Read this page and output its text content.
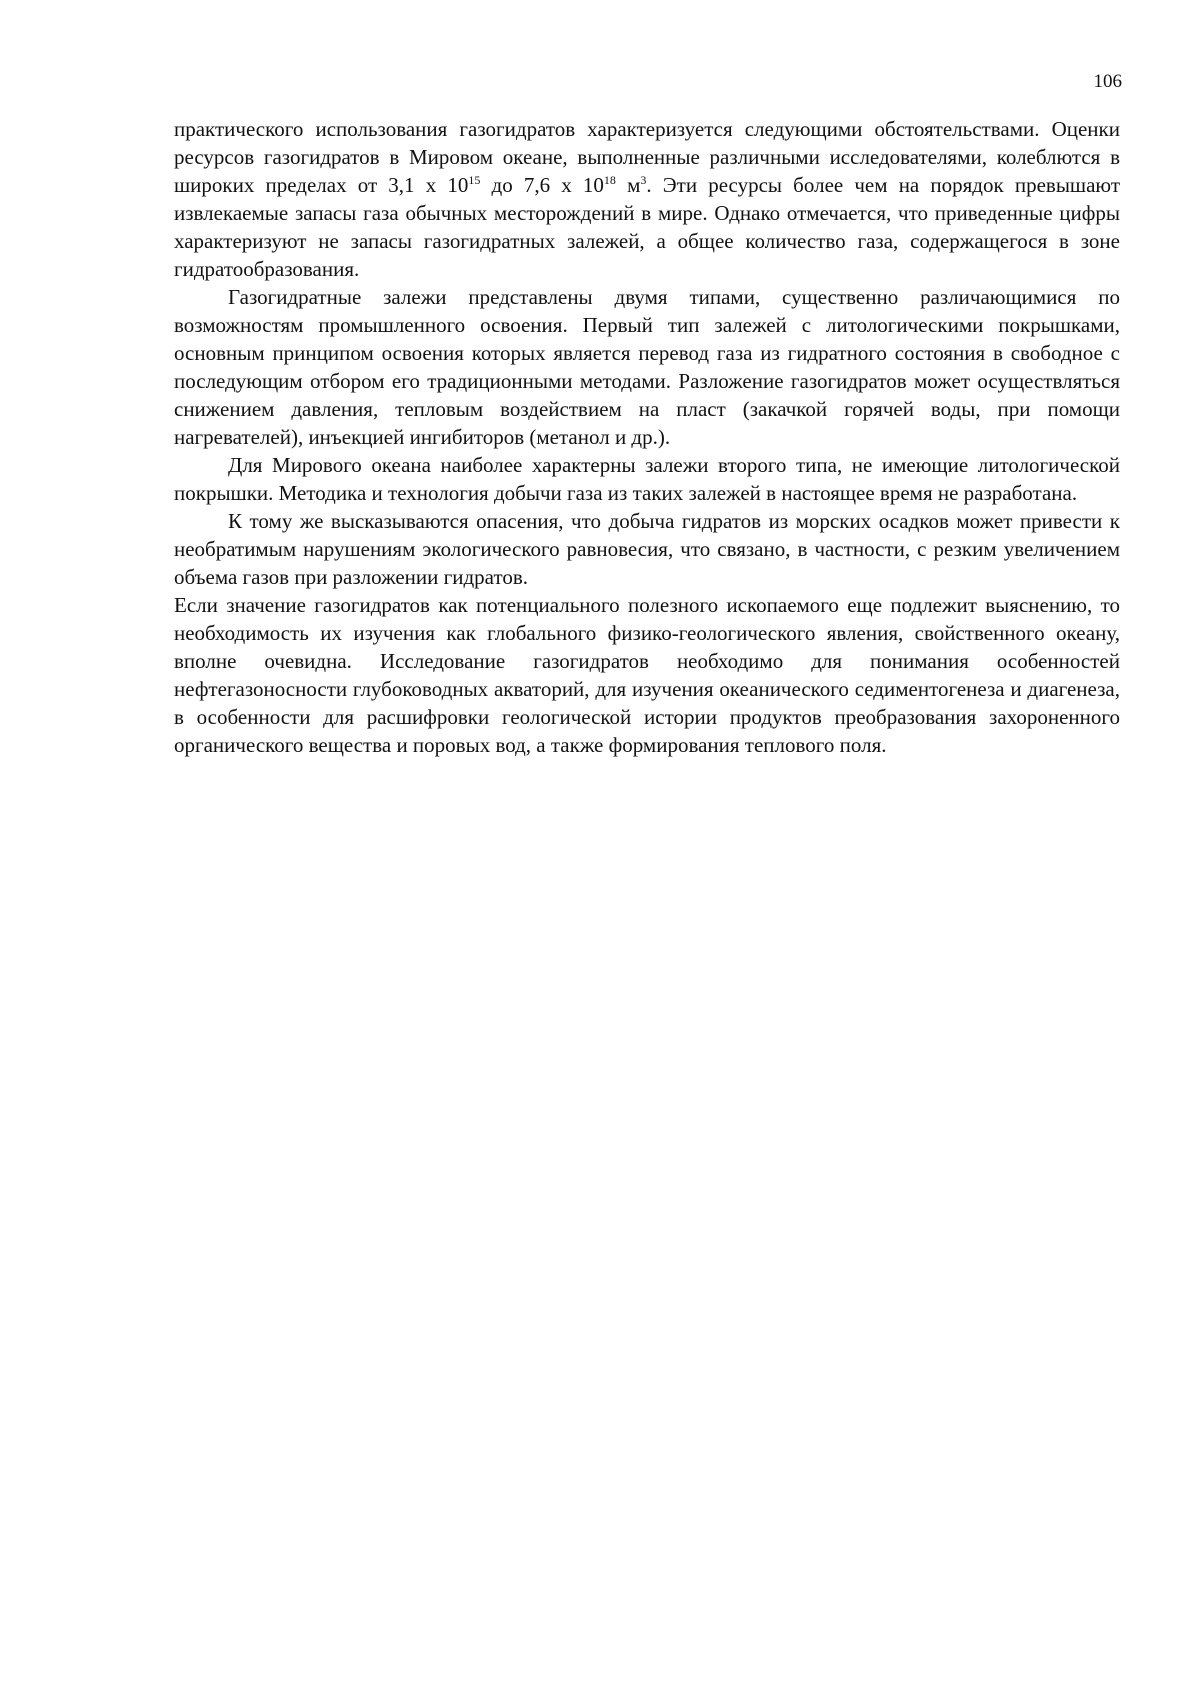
106

практического использования газогидратов характеризуется следующими обстоятельствами. Оценки ресурсов газогидратов в Мировом океане, выполненные различными исследователями, колеблются в широких пределах от 3,1 х $10^{15}$ до 7,6 х $10^{18}$ $м^3$. Эти ресурсы более чем на порядок превышают извлекаемые запасы газа обычных месторождений в мире. Однако отмечается, что приведенные цифры характеризуют не запасы газогидратных залежей, а общее количество газа, содержащегося в зоне гидратообразования.

Газогидратные залежи представлены двумя типами, существенно различающимися по возможностям промышленного освоения. Первый тип залежей с литологическими покрышками, основным принципом освоения которых является перевод газа из гидратного состояния в свободное с последующим отбором его традиционными методами. Разложение газогидратов может осуществляться снижением давления, тепловым воздействием на пласт (закачкой горячей воды, при помощи нагревателей), инъекцией ингибиторов (метанол и др.).

Для Мирового океана наиболее характерны залежи второго типа, не имеющие литологической покрышки. Методика и технология добычи газа из таких залежей в настоящее время не разработана.

К тому же высказываются опасения, что добыча гидратов из морских осадков может привести к необратимым нарушениям экологического равновесия, что связано, в частности, с резким увеличением объема газов при разложении гидратов.

Если значение газогидратов как потенциального полезного ископаемого еще подлежит выяснению, то необходимость их изучения как глобального физико-геологического явления, свойственного океану, вполне очевидна. Исследование газогидратов необходимо для понимания особенностей нефтегазоносности глубоководных акваторий, для изучения океанического седиментогенеза и диагенеза, в особенности для расшифровки геологической истории продуктов преобразования захороненного органического вещества и поровых вод, а также формирования теплового поля.
